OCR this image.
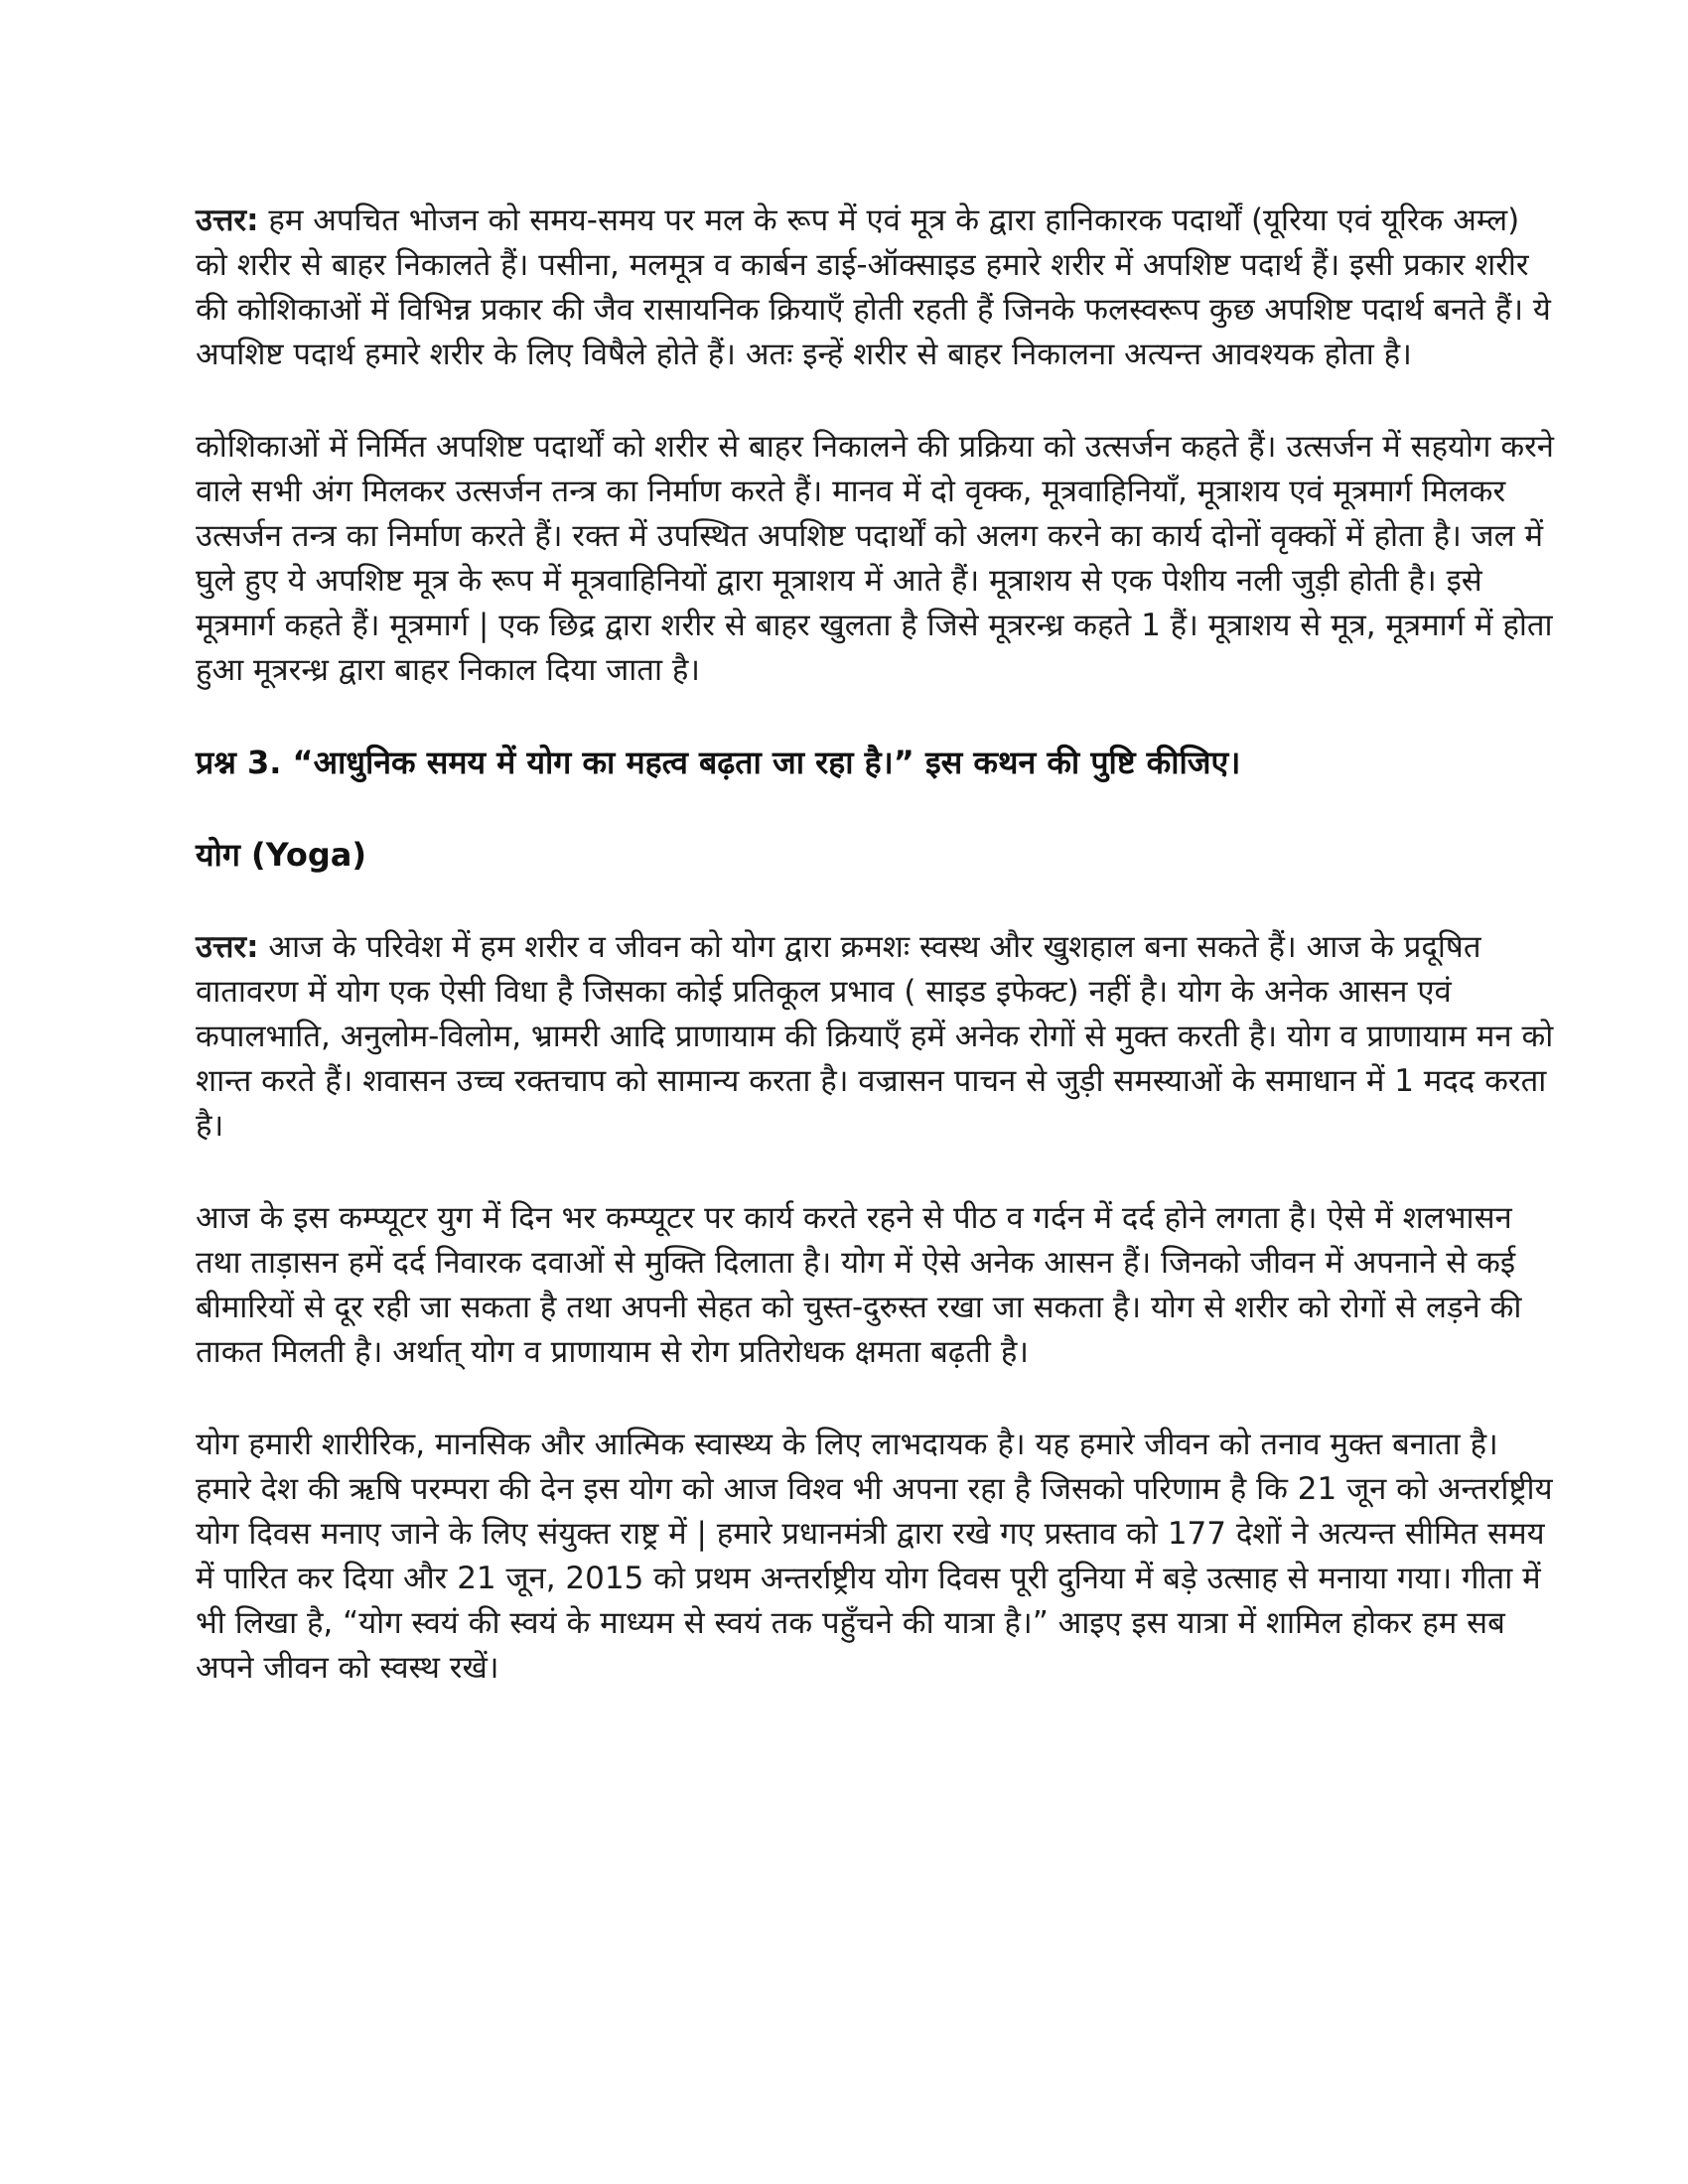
उत्तर: हम अपचित भोजन को समय-समय पर मल के रूप में एवं मूत्र के द्वारा हानिकारक पदार्थों (यूरिया एवं यूरिक अम्ल) को शरीर से बाहर निकालते हैं। पसीना, मलमूत्र व कार्बन डाई-ऑक्साइड हमारे शरीर में अपशिष्ट पदार्थ हैं। इसी प्रकार शरीर की कोशिकाओं में विभिन्न प्रकार की जैव रासायनिक क्रियाएँ होती रहती हैं जिनके फलस्वरूप कुछ अपशिष्ट पदार्थ बनते हैं। ये अपशिष्ट पदार्थ हमारे शरीर के लिए विषैले होते हैं। अतः इन्हें शरीर से बाहर निकालना अत्यन्त आवश्यक होता है।

कोशिकाओं में निर्मित अपशिष्ट पदार्थों को शरीर से बाहर निकालने की प्रक्रिया को उत्सर्जन कहते हैं। उत्सर्जन में सहयोग करने वाले सभी अंग मिलकर उत्सर्जन तन्त्र का निर्माण करते हैं। मानव में दो वृक्क, मूत्रवाहिनियाँ, मूत्राशय एवं मूत्रमार्ग मिलकर उत्सर्जन तन्त्र का निर्माण करते हैं। रक्त में उपस्थित अपशिष्ट पदार्थों को अलग करने का कार्य दोनों वृक्कों में होता है। जल में घुले हुए ये अपशिष्ट मूत्र के रूप में मूत्रवाहिनियों द्वारा मूत्राशय में आते हैं। मूत्राशय से एक पेशीय नली जुड़ी होती है। इसे मूत्रमार्ग कहते हैं। मूत्रमार्ग | एक छिद्र द्वारा शरीर से बाहर खुलता है जिसे मूत्ररन्ध्र कहते 1 हैं। मूत्राशय से मूत्र, मूत्रमार्ग में होता हुआ मूत्ररन्ध्र द्वारा बाहर निकाल दिया जाता है।

प्रश्न 3. “आधुनिक समय में योग का महत्व बढ़ता जा रहा है।” इस कथन की पुष्टि कीजिए।
योग (Yoga)

उत्तर: आज के परिवेश में हम शरीर व जीवन को योग द्वारा क्रमशः स्वस्थ और खुशहाल बना सकते हैं। आज के प्रदूषित वातावरण में योग एक ऐसी विधा है जिसका कोई प्रतिकूल प्रभाव ( साइड इफेक्ट) नहीं है। योग के अनेक आसन एवं कपालभाति, अनुलोम-विलोम, भ्रामरी आदि प्राणायाम की क्रियाएँ हमें अनेक रोगों से मुक्त करती है। योग व प्राणायाम मन को शान्त करते हैं। शवासन उच्च रक्तचाप को सामान्य करता है। वज्रासन पाचन से जुड़ी समस्याओं के समाधान में 1 मदद करता है।

आज के इस कम्प्यूटर युग में दिन भर कम्प्यूटर पर कार्य करते रहने से पीठ व गर्दन में दर्द होने लगता है। ऐसे में शलभासन तथा ताड़ासन हमें दर्द निवारक दवाओं से मुक्ति दिलाता है। योग में ऐसे अनेक आसन हैं। जिनको जीवन में अपनाने से कई बीमारियों से दूर रही जा सकता है तथा अपनी सेहत को चुस्त-दुरुस्त रखा जा सकता है। योग से शरीर को रोगों से लड़ने की ताकत मिलती है। अर्थात् योग व प्राणायाम से रोग प्रतिरोधक क्षमता बढ़ती है।

योग हमारी शारीरिक, मानसिक और आत्मिक स्वास्थ्य के लिए लाभदायक है। यह हमारे जीवन को तनाव मुक्त बनाता है। हमारे देश की ऋषि परम्परा की देन इस योग को आज विश्व भी अपना रहा है जिसको परिणाम है कि 21 जून को अन्तर्राष्ट्रीय योग दिवस मनाए जाने के लिए संयुक्त राष्ट्र में | हमारे प्रधानमंत्री द्वारा रखे गए प्रस्ताव को 177 देशों ने अत्यन्त सीमित समय में पारित कर दिया और 21 जून, 2015 को प्रथम अन्तर्राष्ट्रीय योग दिवस पूरी दुनिया में बड़े उत्साह से मनाया गया। गीता में भी लिखा है, “योग स्वयं की स्वयं के माध्यम से स्वयं तक पहुँचने की यात्रा है।” आइए इस यात्रा में शामिल होकर हम सब अपने जीवन को स्वस्थ रखें।
